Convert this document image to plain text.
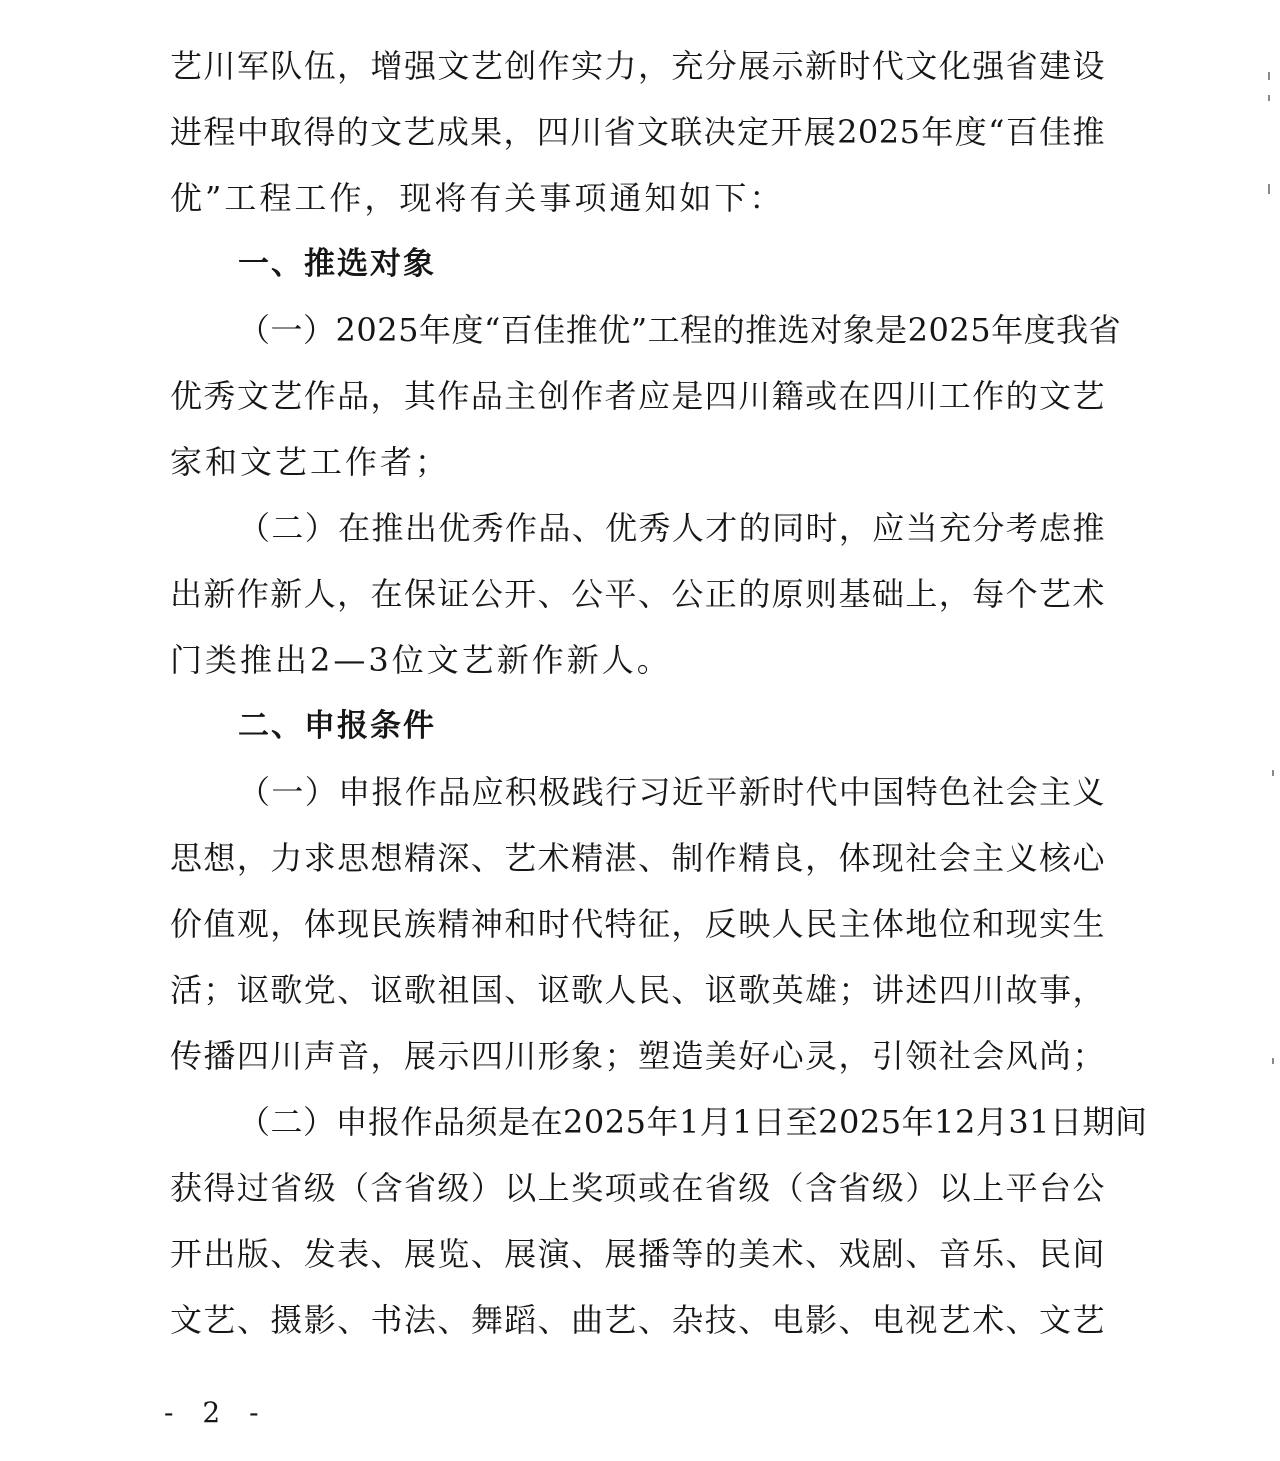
艺川军队伍，增强文艺创作实力，充分展示新时代文化强省建设
进程中取得的文艺成果，四川省文联决定开展2025年度“百佳推
优”工程工作，现将有关事项通知如下：
一、推选对象
（一）2025年度“百佳推优”工程的推选对象是2025年度我省
优秀文艺作品，其作品主创作者应是四川籍或在四川工作的文艺
家和文艺工作者；
（二）在推出优秀作品、优秀人才的同时，应当充分考虑推
出新作新人，在保证公开、公平、公正的原则基础上，每个艺术
门类推出2—3位文艺新作新人。
二、申报条件
（一）申报作品应积极践行习近平新时代中国特色社会主义
思想，力求思想精深、艺术精湛、制作精良，体现社会主义核心
价值观，体现民族精神和时代特征，反映人民主体地位和现实生
活；讴歌党、讴歌祖国、讴歌人民、讴歌英雄；讲述四川故事，
传播四川声音，展示四川形象；塑造美好心灵，引领社会风尚；
（二）申报作品须是在2025年1月1日至2025年12月31日期间
获得过省级（含省级）以上奖项或在省级（含省级）以上平台公
开出版、发表、展览、展演、展播等的美术、戏剧、音乐、民间
文艺、摄影、书法、舞蹈、曲艺、杂技、电影、电视艺术、文艺
- 2 -
